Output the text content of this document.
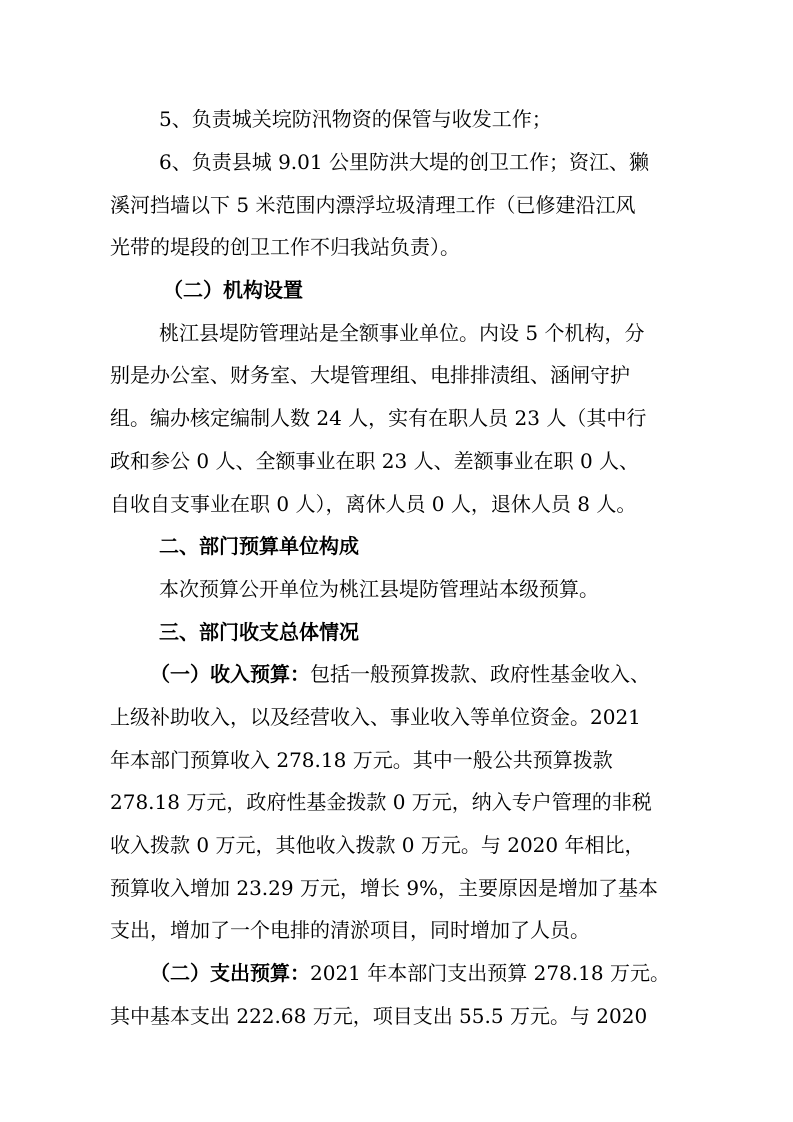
5、负责城关垸防汛物资的保管与收发工作；
6、负责县城 9.01 公里防洪大堤的创卫工作；资江、獭
溪河挡墙以下 5 米范围内漂浮垃圾清理工作（已修建沿江风
光带的堤段的创卫工作不归我站负责）。
（二）机构设置
桃江县堤防管理站是全额事业单位。内设 5 个机构，分
别是办公室、财务室、大堤管理组、电排排渍组、涵闸守护
组。编办核定编制人数 24 人，实有在职人员 23 人（其中行
政和参公 0 人、全额事业在职 23 人、差额事业在职 0 人、
自收自支事业在职 0 人），离休人员 0 人，退休人员 8 人。
二、部门预算单位构成
本次预算公开单位为桃江县堤防管理站本级预算。
三、部门收支总体情况
（一）收入预算：包括一般预算拨款、政府性基金收入、
上级补助收入，以及经营收入、事业收入等单位资金。2021
年本部门预算收入 278.18 万元。其中一般公共预算拨款
278.18 万元，政府性基金拨款 0 万元，纳入专户管理的非税
收入拨款 0 万元，其他收入拨款 0 万元。与 2020 年相比，
预算收入增加 23.29 万元，增长 9%，主要原因是增加了基本
支出，增加了一个电排的清淤项目，同时增加了人员。
（二）支出预算：2021 年本部门支出预算 278.18 万元。
其中基本支出 222.68 万元，项目支出 55.5 万元。与 2020
